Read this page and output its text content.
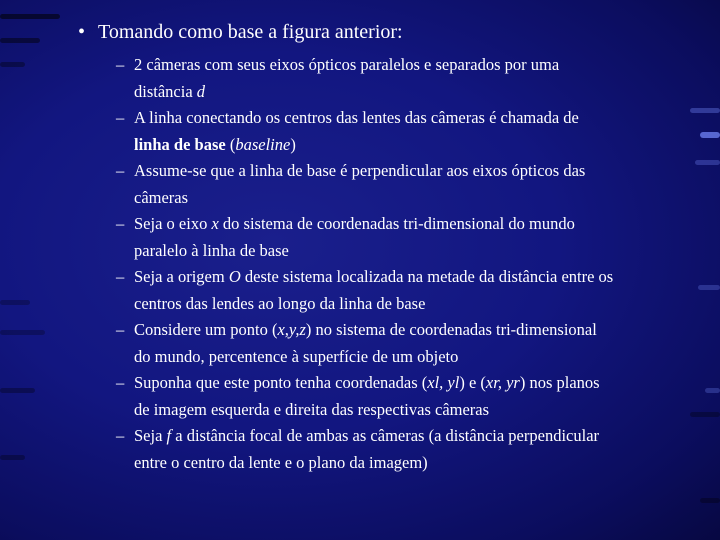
• Tomando como base a figura anterior:
– 2 câmeras com seus eixos ópticos paralelos e separados por uma
distância d
– A linha conectando os centros das lentes das câmeras é chamada de
linha de base (baseline)
– Assume-se que a linha de base é perpendicular aos eixos ópticos das
câmeras
– Seja o eixo x do sistema de coordenadas tri-dimensional do mundo
paralelo à linha de base
– Seja a origem O deste sistema localizada na metade da distância entre os
centros das lendes ao longo da linha de base
– Considere um ponto (x,y,z) no sistema de coordenadas tri-dimensional
do mundo, percentence à superfície de um objeto
– Suponha que este ponto tenha coordenadas (xl, yl) e (xr, yr) nos planos
de imagem esquerda e direita das respectivas câmeras
– Seja f a distância focal de ambas as câmeras (a distância perpendicular
entre o centro da lente e o plano da imagem)
